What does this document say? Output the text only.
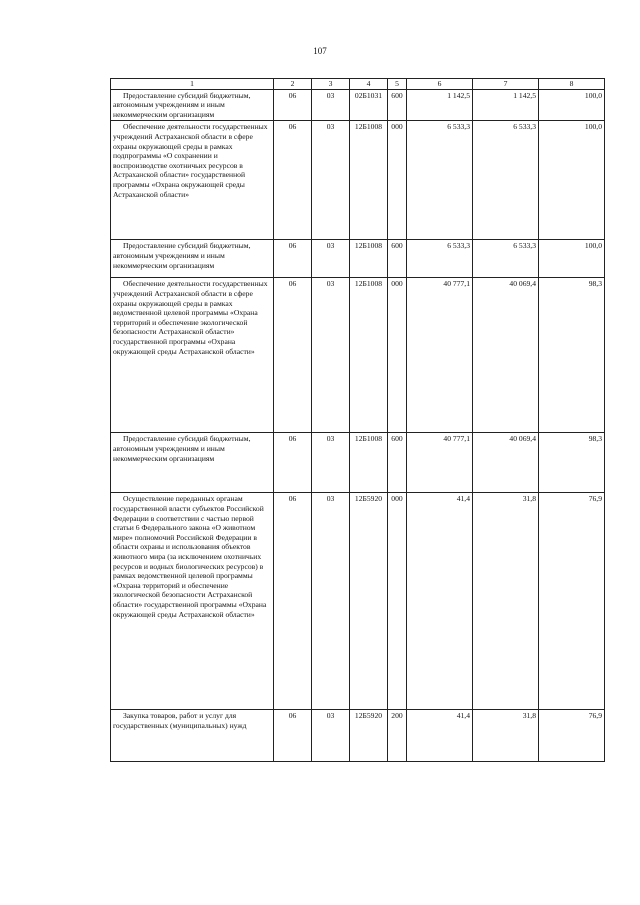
107
1	2	3	4	5	6	7	8
Предоставление субсидий бюджетным, автономным учреждениям и иным некоммерческим организациям	06	03	02Б1031	600	1 142,5	1 142,5	100,0
Обеспечение деятельности государственных учреждений Астраханской области в сфере охраны окружающей среды в рамках подпрограммы «О сохранении и воспроизводстве охотничьих ресурсов в Астраханской области» государственной программы «Охрана окружающей среды Астраханской области»	06	03	12Б1008	000	6 533,3	6 533,3	100,0
Предоставление субсидий бюджетным, автономным учреждениям и иным некоммерческим организациям	06	03	12Б1008	600	6 533,3	6 533,3	100,0
Обеспечение деятельности государственных учреждений Астраханской области в сфере охраны окружающей среды в рамках ведомственной целевой программы «Охрана территорий и обеспечение экологической безопасности Астраханской области» государственной программы «Охрана окружающей среды Астраханской области»	06	03	12Б1008	000	40 777,1	40 069,4	98,3
Предоставление субсидий бюджетным, автономным учреждениям и иным некоммерческим организациям	06	03	12Б1008	600	40 777,1	40 069,4	98,3
Осуществление переданных органам государственной власти субъектов Российской Федерации в соответствии с частью первой статьи 6 Федерального закона «О животном мире» полномочий Российской Федерации в области охраны и использования объектов животного мира (за исключением охотничьих ресурсов и водных биологических ресурсов) в рамках ведомственной целевой программы «Охрана территорий и обеспечение экологической безопасности Астраханской области» государственной программы «Охрана окружающей среды Астраханской области»	06	03	12Б5920	000	41,4	31,8	76,9
Закупка товаров, работ и услуг для государственных (муниципальных) нужд	06	03	12Б5920	200	41,4	31,8	76,9
